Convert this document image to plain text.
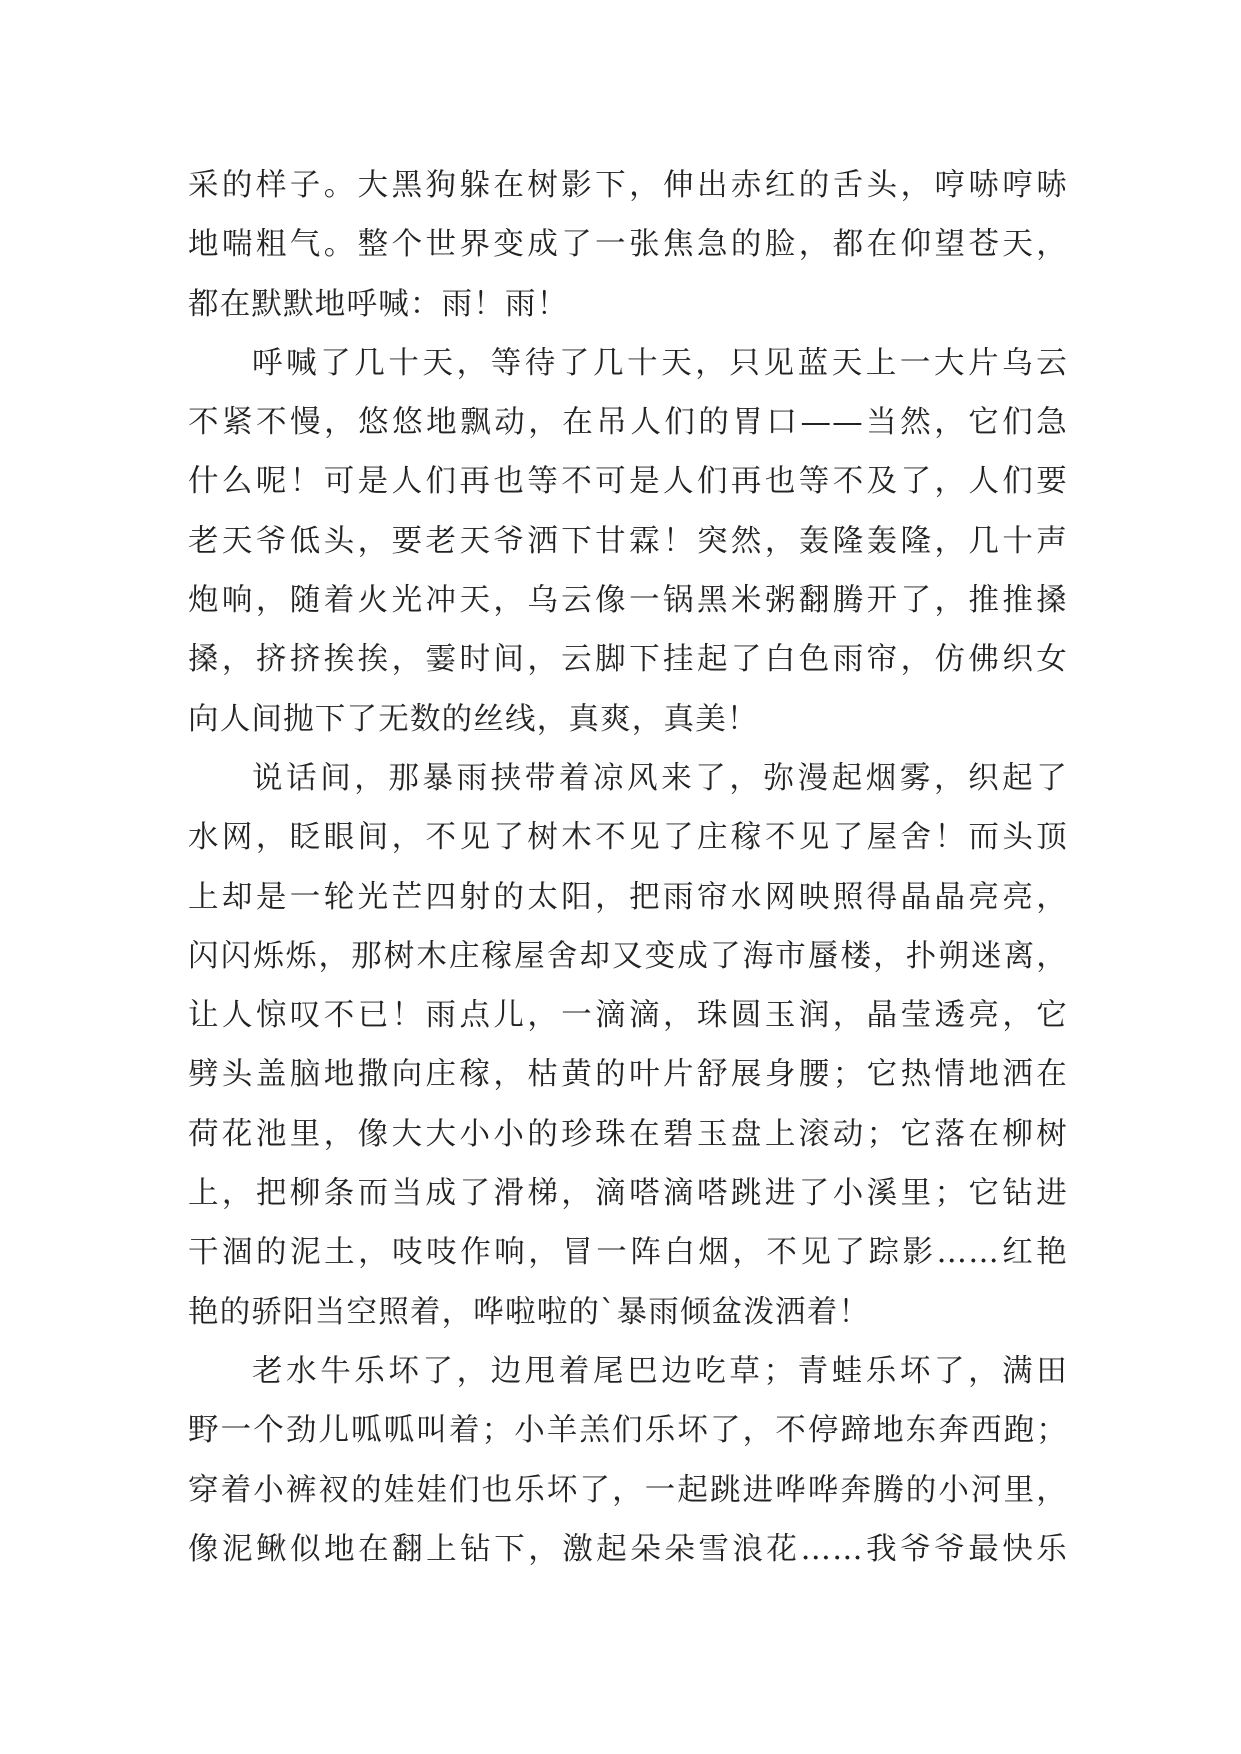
采的样子。大黑狗躲在树影下，伸出赤红的舌头，哼哧哼哧
地喘粗气。整个世界变成了一张焦急的脸，都在仰望苍天，
都在默默地呼喊：雨！雨！
呼喊了几十天，等待了几十天，只见蓝天上一大片乌云
不紧不慢，悠悠地飘动，在吊人们的胃口——当然，它们急
什么呢！可是人们再也等不可是人们再也等不及了，人们要
老天爷低头，要老天爷洒下甘霖！突然，轰隆轰隆，几十声
炮响，随着火光冲天，乌云像一锅黑米粥翻腾开了，推推搡
搡，挤挤挨挨，霎时间，云脚下挂起了白色雨帘，仿佛织女
向人间抛下了无数的丝线，真爽，真美！
说话间，那暴雨挟带着凉风来了，弥漫起烟雾，织起了
水网，眨眼间，不见了树木不见了庄稼不见了屋舍！而头顶
上却是一轮光芒四射的太阳，把雨帘水网映照得晶晶亮亮，
闪闪烁烁，那树木庄稼屋舍却又变成了海市蜃楼，扑朔迷离，
让人惊叹不已！雨点儿，一滴滴，珠圆玉润，晶莹透亮，它
劈头盖脑地撒向庄稼，枯黄的叶片舒展身腰；它热情地洒在
荷花池里，像大大小小的珍珠在碧玉盘上滚动；它落在柳树
上，把柳条而当成了滑梯，滴嗒滴嗒跳进了小溪里；它钻进
干涸的泥土，吱吱作响，冒一阵白烟，不见了踪影……红艳
艳的骄阳当空照着，哗啦啦的`暴雨倾盆泼洒着！
老水牛乐坏了，边甩着尾巴边吃草；青蛙乐坏了，满田
野一个劲儿呱呱叫着；小羊羔们乐坏了，不停蹄地东奔西跑；
穿着小裤衩的娃娃们也乐坏了，一起跳进哗哗奔腾的小河里，
像泥鳅似地在翻上钻下，激起朵朵雪浪花……我爷爷最快乐
